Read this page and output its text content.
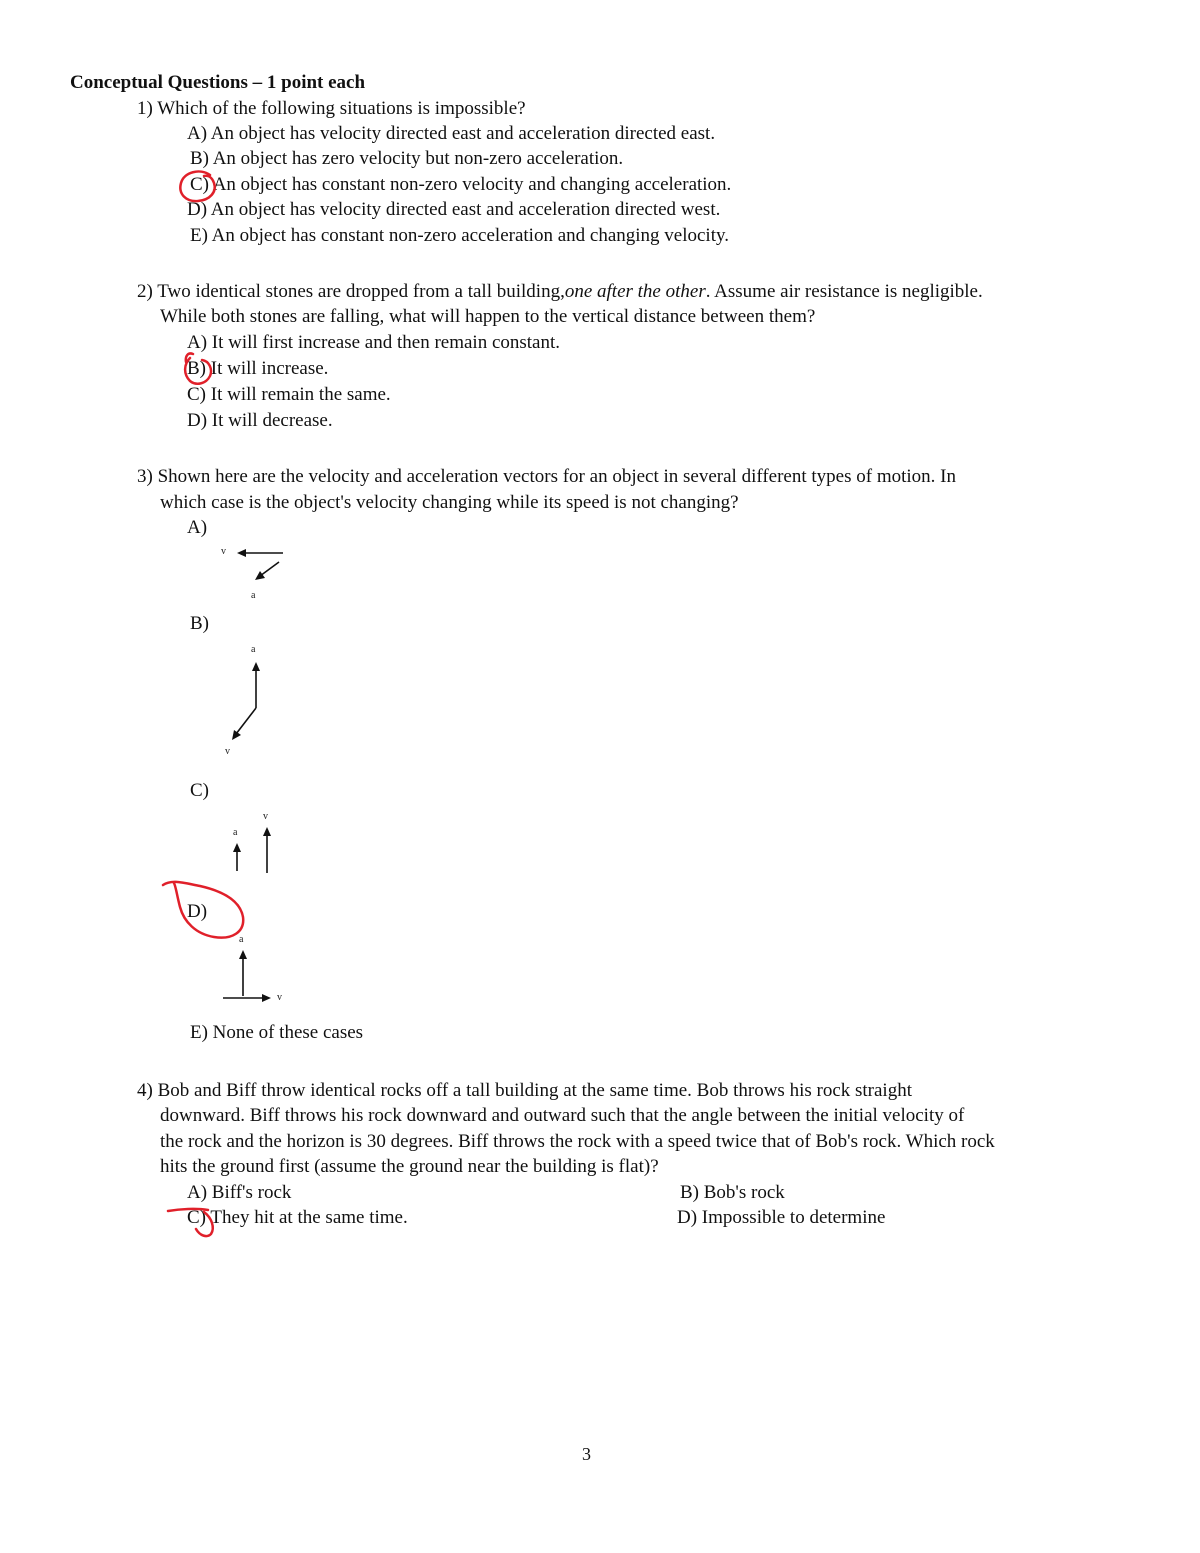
Conceptual Questions – 1 point each
1) Which of the following situations is impossible?
A) An object has velocity directed east and acceleration directed east.
B) An object has zero velocity but non-zero acceleration.
C) An object has constant non-zero velocity and changing acceleration.
D) An object has velocity directed east and acceleration directed west.
E) An object has constant non-zero acceleration and changing velocity.
2) Two identical stones are dropped from a tall building,one after the other. Assume air resistance is negligible.
While both stones are falling, what will happen to the vertical distance between them?
A) It will first increase and then remain constant.
B) It will increase.
C) It will remain the same.
D) It will decrease.
3) Shown here are the velocity and acceleration vectors for an object in several different types of motion. In
which case is the object's velocity changing while its speed is not changing?
A)
v
a
B)
a
v
C)
a
v
D)
a
v
E) None of these cases
4) Bob and Biff throw identical rocks off a tall building at the same time. Bob throws his rock straight
downward. Biff throws his rock downward and outward such that the angle between the initial velocity of
the rock and the horizon is 30 degrees. Biff throws the rock with a speed twice that of Bob's rock. Which rock
hits the ground first (assume the ground near the building is flat)?
A) Biff's rock	B) Bob's rock
C) They hit at the same time.	D) Impossible to determine
3
